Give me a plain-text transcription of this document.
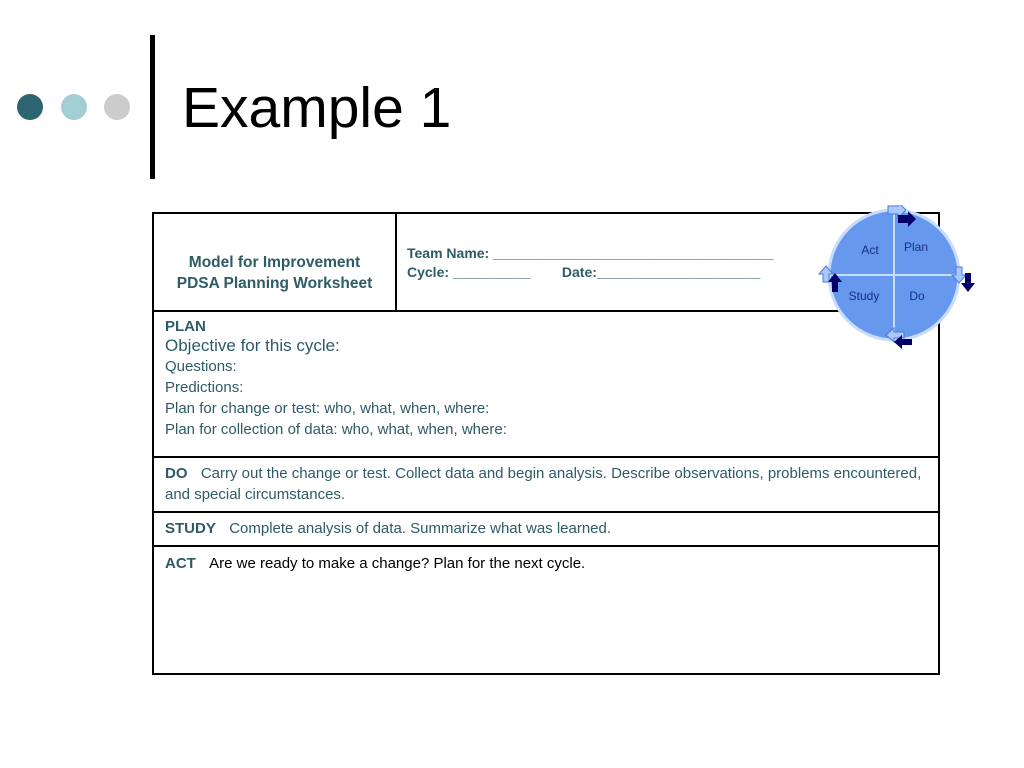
Example 1
Model for Improvement
PDSA Planning Worksheet
Team Name: ____________________________________
Cycle: __________        Date:_____________________
PLAN
Objective for this cycle:
Questions:
Predictions:
Plan for change or test: who, what, when, where:
Plan for collection of data: who, what, when, where:
DO Carry out the change or test. Collect data and begin analysis. Describe observations, problems encountered, and special circumstances.
STUDY Complete analysis of data. Summarize what was learned.
ACT Are we ready to make a change? Plan for the next cycle.
Act Plan
Study Do
